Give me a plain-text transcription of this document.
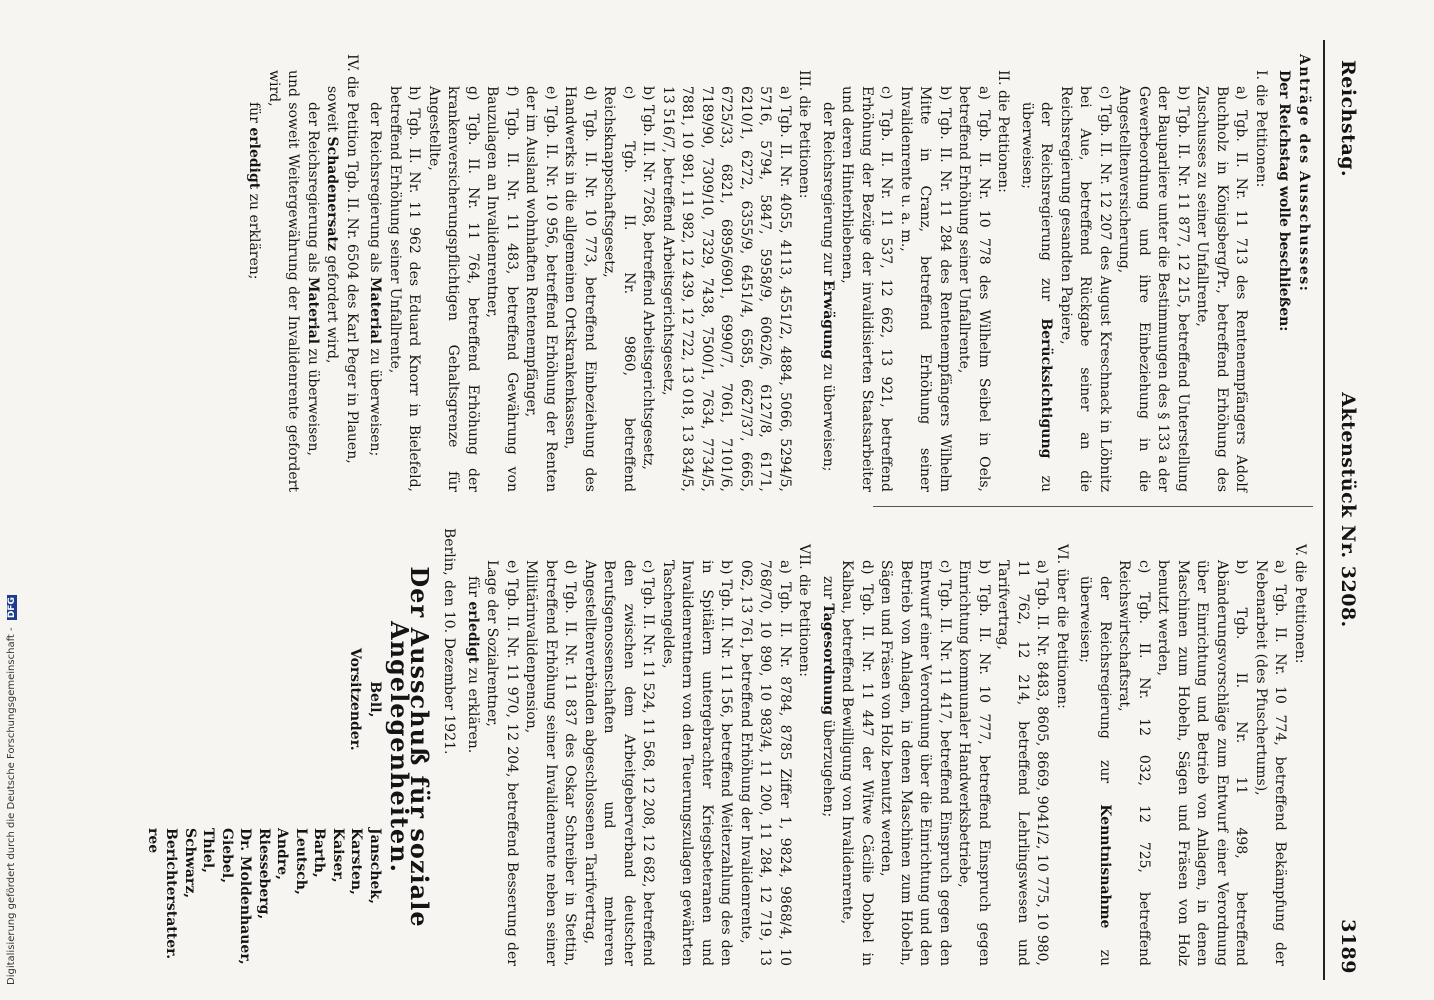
Reichstag.
Aktenstück Nr. 3208.
3189

Anträge des Ausschusses:

Der Reichstag wolle beschließen:

I. die Petitionen:

a) Tgb. II. Nr. 11 713 des Rentenempfängers Adolf Buchholz in Königsberg/Pr., betreffend Erhöhung des Zuschusses zu seiner Unfallrente,

b) Tgb. II. Nr. 11 877, 12 215, betreffend Unterstellung der Bauparliere unter die Bestimmungen des § 133 a der Gewerbeordnung und ihre Einbeziehung in die Angestelltenversicherung,

c) Tgb. II. Nr. 12 207 des August Kreschnack in Löbnitz bei Aue, betreffend Rückgabe seiner an die Reichsregierung gesandten Papiere,

der Reichsregierung zur Berücksichtigung zu überweisen;

II. die Petitionen:

a) Tgb. II. Nr. 10 778 des Wilhelm Seibel in Oels, betreffend Erhöhung seiner Unfallrente,

b) Tgb. II. Nr. 11 284 des Rentenempfängers Wilhelm Mitte in Cranz, betreffend Erhöhung seiner Invalidenrente u. a. m.,

c) Tgb. II. Nr. 11 537, 12 662, 13 921, betreffend Erhöhung der Bezüge der invalidisierten Staatsarbeiter und deren Hinterbliebenen,

der Reichsregierung zur Erwägung zu überweisen;

III. die Petitionen:

a) Tgb. II. Nr. 4055, 4113, 4551/2, 4884, 5066, 5294/5, 5716, 5794, 5847, 5958/9, 6062/6, 6127/8, 6171, 6210/1, 6272, 6355/9, 6451/4, 6585, 6627/37, 6665, 6725/33, 6821, 6895/6901, 6990/7, 7061, 7101/6, 7189/90, 7309/10, 7329, 7438, 7500/1, 7634, 7734/5, 7881, 10 981, 11 982, 12 439, 12 722, 13 018, 13 834/5, 13 516/7, betreffend Arbeitsgerichtsgesetz,

b) Tgb. II. Nr. 7268, betreffend Arbeitsgerichtsgesetz,

c) Tgb. II. Nr. 9860, betreffend Reichsknappschaftsgesetz,

d) Tgb. II. Nr. 10 773, betreffend Einbeziehung des Handwerks in die allgemeinen Ortskrankenkassen,

e) Tgb. II. Nr. 10 956, betreffend Erhöhung der Renten der im Ausland wohnhaften Rentenempfänger,

f) Tgb. II. Nr. 11 483, betreffend Gewährung von Bauzulagen an Invalidenrentner,

g) Tgb. II. Nr. 11 764, betreffend Erhöhung der krankenversicherungspflichtigen Gehaltsgrenze für Angestellte,

h) Tgb. II. Nr. 11 962 des Eduard Knorr in Bielefeld, betreffend Erhöhung seiner Unfallrente,

der Reichsregierung als Material zu überweisen;

IV. die Petition Tgb. II. Nr. 6504 des Karl Peger in Plauen,

soweit Schadenersatz gefordert wird,

der Reichsregierung als Material zu überweisen,

und soweit Weitergewährung der Invalidenrente gefordert wird,

für erledigt zu erklären;

V. die Petitionen:

a) Tgb. II. Nr. 10 774, betreffend Bekämpfung der Nebenarbeit (des Pfuschertums),

b) Tgb. II. Nr. 11 498, betreffend Abänderungsvorschläge zum Entwurf einer Verordnung über Einrichtung und Betrieb von Anlagen, in denen Maschinen zum Hobeln, Sägen und Fräsen von Holz benutzt werden,

c) Tgb. II. Nr. 12 032, 12 725, betreffend Reichswirtschaftsrat,

der Reichsregierung zur Kenntnisnahme zu überweisen;

VI. über die Petitionen:

a) Tgb. II. Nr. 8483, 8605, 8669, 9041/2, 10 775, 10 980, 11 762, 12 214, betreffend Lehrlingswesen und Tarifvertrag,

b) Tgb. II. Nr. 10 777, betreffend Einspruch gegen Einrichtung kommunaler Handwerksbetriebe,

c) Tgb. II. Nr. 11 417, betreffend Einspruch gegen den Entwurf einer Verordnung über die Einrichtung und den Betrieb von Anlagen, in denen Maschinen zum Hobeln, Sägen und Fräsen von Holz benutzt werden,

d) Tgb. II. Nr. 11 447 der Witwe Cäcilie Dobbel in Kalbau, betreffend Bewilligung von Invalidenrente,

zur Tagesordnung überzugehen;

VII. die Petitionen:

a) Tgb. II. Nr. 8784, 8785 Ziffer 1, 9824, 9868/4, 10 768/70, 10 890, 10 983/4, 11 200, 11 284, 12 719, 13 062, 13 761, betreffend Erhöhung der Invalidenrente,

b) Tgb. II. Nr. 11 156, betreffend Weiterzahlung des den in Spitälern untergebrachter Kriegsbeteranen und Invalidenrentnern von den Teuerungszulagen gewährten Taschengeldes,

c) Tgb. II. Nr. 11 524, 11 568, 12 208, 12 682, betreffend den zwischen dem Arbeitgeberverband deutscher Berufsgenossenschaften und mehreren Angestelltenverbänden abgeschlossenen Tarifvertrag,

d) Tgb. II. Nr. 11 837 des Oskar Schreiber in Stettin, betreffend Erhöhung seiner Invalidenrente neben seiner Militärinvalidenpension,

e) Tgb. II. Nr. 11 970, 12 204, betreffend Besserung der Lage der Sozialrentner,

für erledigt zu erklären.

Berlin, den 10. Dezember 1921.

Der Ausschuß für soziale Angelegenheiten.

Bell,
Vorsitzender.
Janschek,
Karsten,
Kaiser,
Barth,
Leutsch,
Andre,
Riesseberg,
Dr. Moldenhauer,
Giebel,
Thiel,
Schwarz,
Berichterstatter.
ree
Digitalisierung gefördert durch die Deutsche Forschungsgemeinschaft - DFG
